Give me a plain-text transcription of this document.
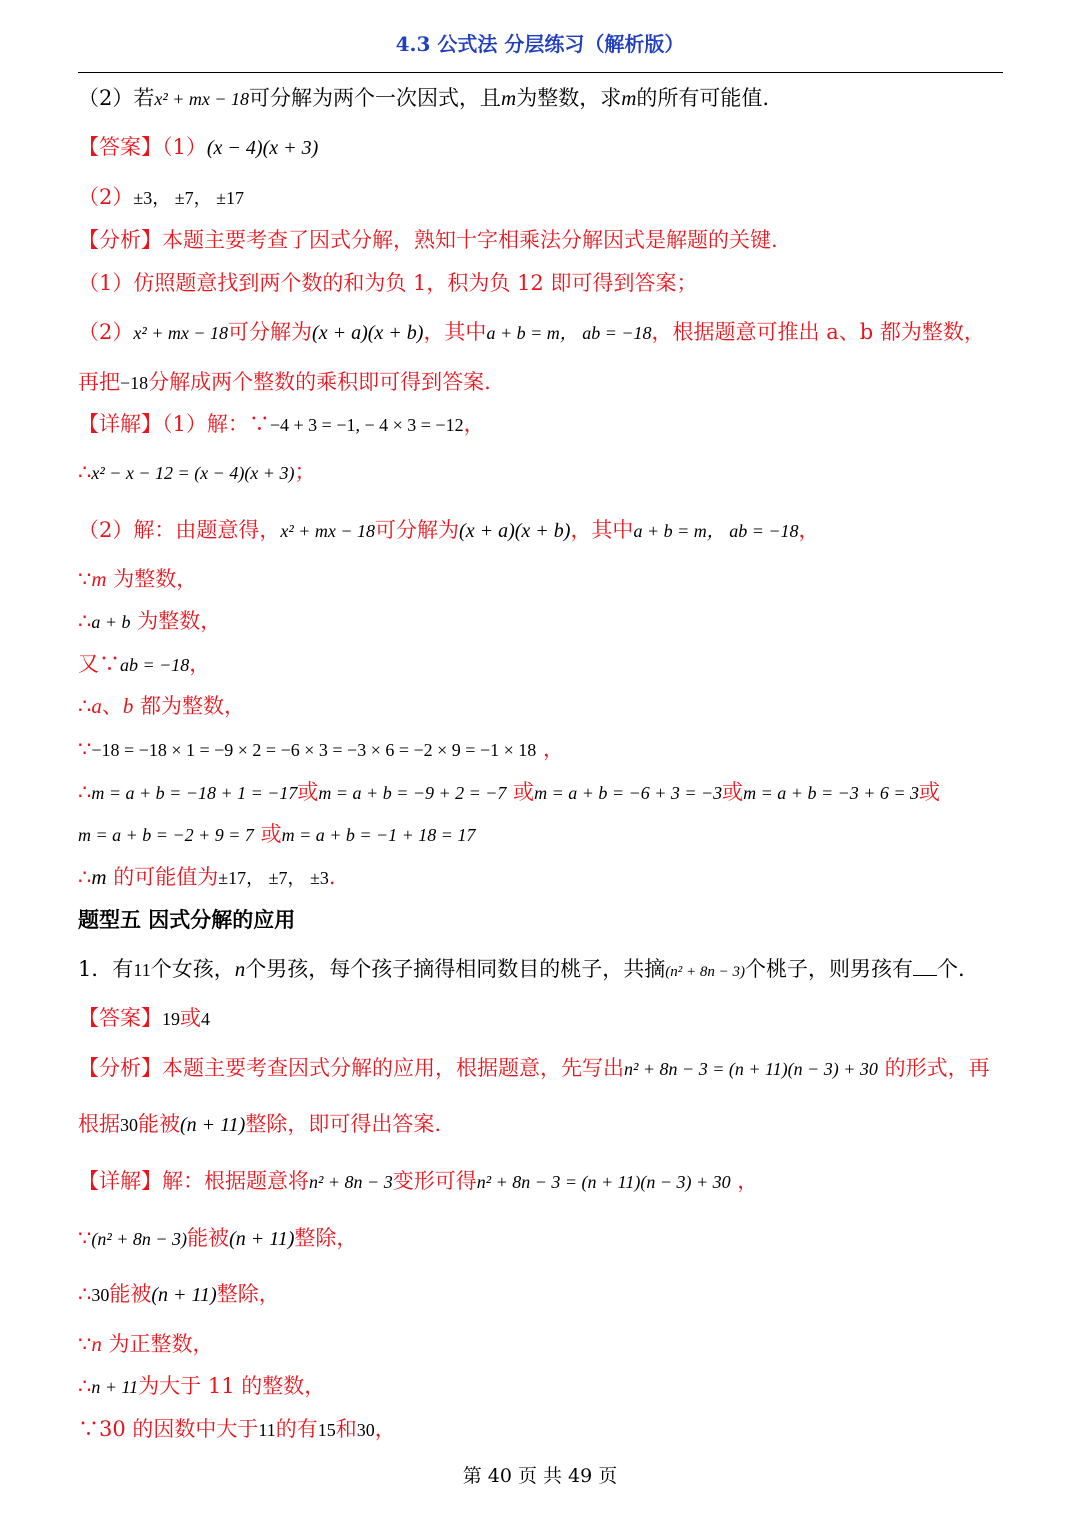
4.3 公式法 分层练习（解析版）
（2）若x² + mx − 18可分解为两个一次因式，且m为整数，求m的所有可能值.
【答案】（1）(x − 4)(x + 3)
（2）±3， ±7， ±17
【分析】本题主要考查了因式分解，熟知十字相乘法分解因式是解题的关键.
（1）仿照题意找到两个数的和为负 1，积为负 12 即可得到答案；
（2）x² + mx − 18可分解为(x + a)(x + b)，其中a + b = m， ab = −18，根据题意可推出 a、b 都为整数，
再把−18分解成两个整数的乘积即可得到答案.
【详解】（1）解：∵−4 + 3 = −1, − 4 × 3 = −12，
∴x² − x − 12 = (x − 4)(x + 3)；
（2）解：由题意得，x² + mx − 18可分解为(x + a)(x + b)，其中a + b = m， ab = −18，
∵m 为整数，
∴a + b 为整数，
又∵ab = −18，
∴a、b 都为整数，
∵−18 = −18 × 1 = −9 × 2 = −6 × 3 = −3 × 6 = −2 × 9 = −1 × 18 ，
∴m = a + b = −18 + 1 = −17或m = a + b = −9 + 2 = −7 或m = a + b = −6 + 3 = −3或m = a + b = −3 + 6 = 3或
m = a + b = −2 + 9 = 7 或m = a + b = −1 + 18 = 17
∴m 的可能值为±17， ±7， ±3.
题型五 因式分解的应用
1．有11个女孩，n个男孩，每个孩子摘得相同数目的桃子，共摘(n² + 8n − 3)个桃子，则男孩有 个.
【答案】19或4
【分析】本题主要考查因式分解的应用，根据题意，先写出n² + 8n − 3 = (n + 11)(n − 3) + 30 的形式，再
根据30能被(n + 11)整除，即可得出答案.
【详解】解：根据题意将n² + 8n − 3变形可得n² + 8n − 3 = (n + 11)(n − 3) + 30 ，
∵(n² + 8n − 3)能被(n + 11)整除，
∴30能被(n + 11)整除，
∵n 为正整数，
∴n + 11为大于 11 的整数，
∵30 的因数中大于11的有15和30，
第 40 页 共 49 页
